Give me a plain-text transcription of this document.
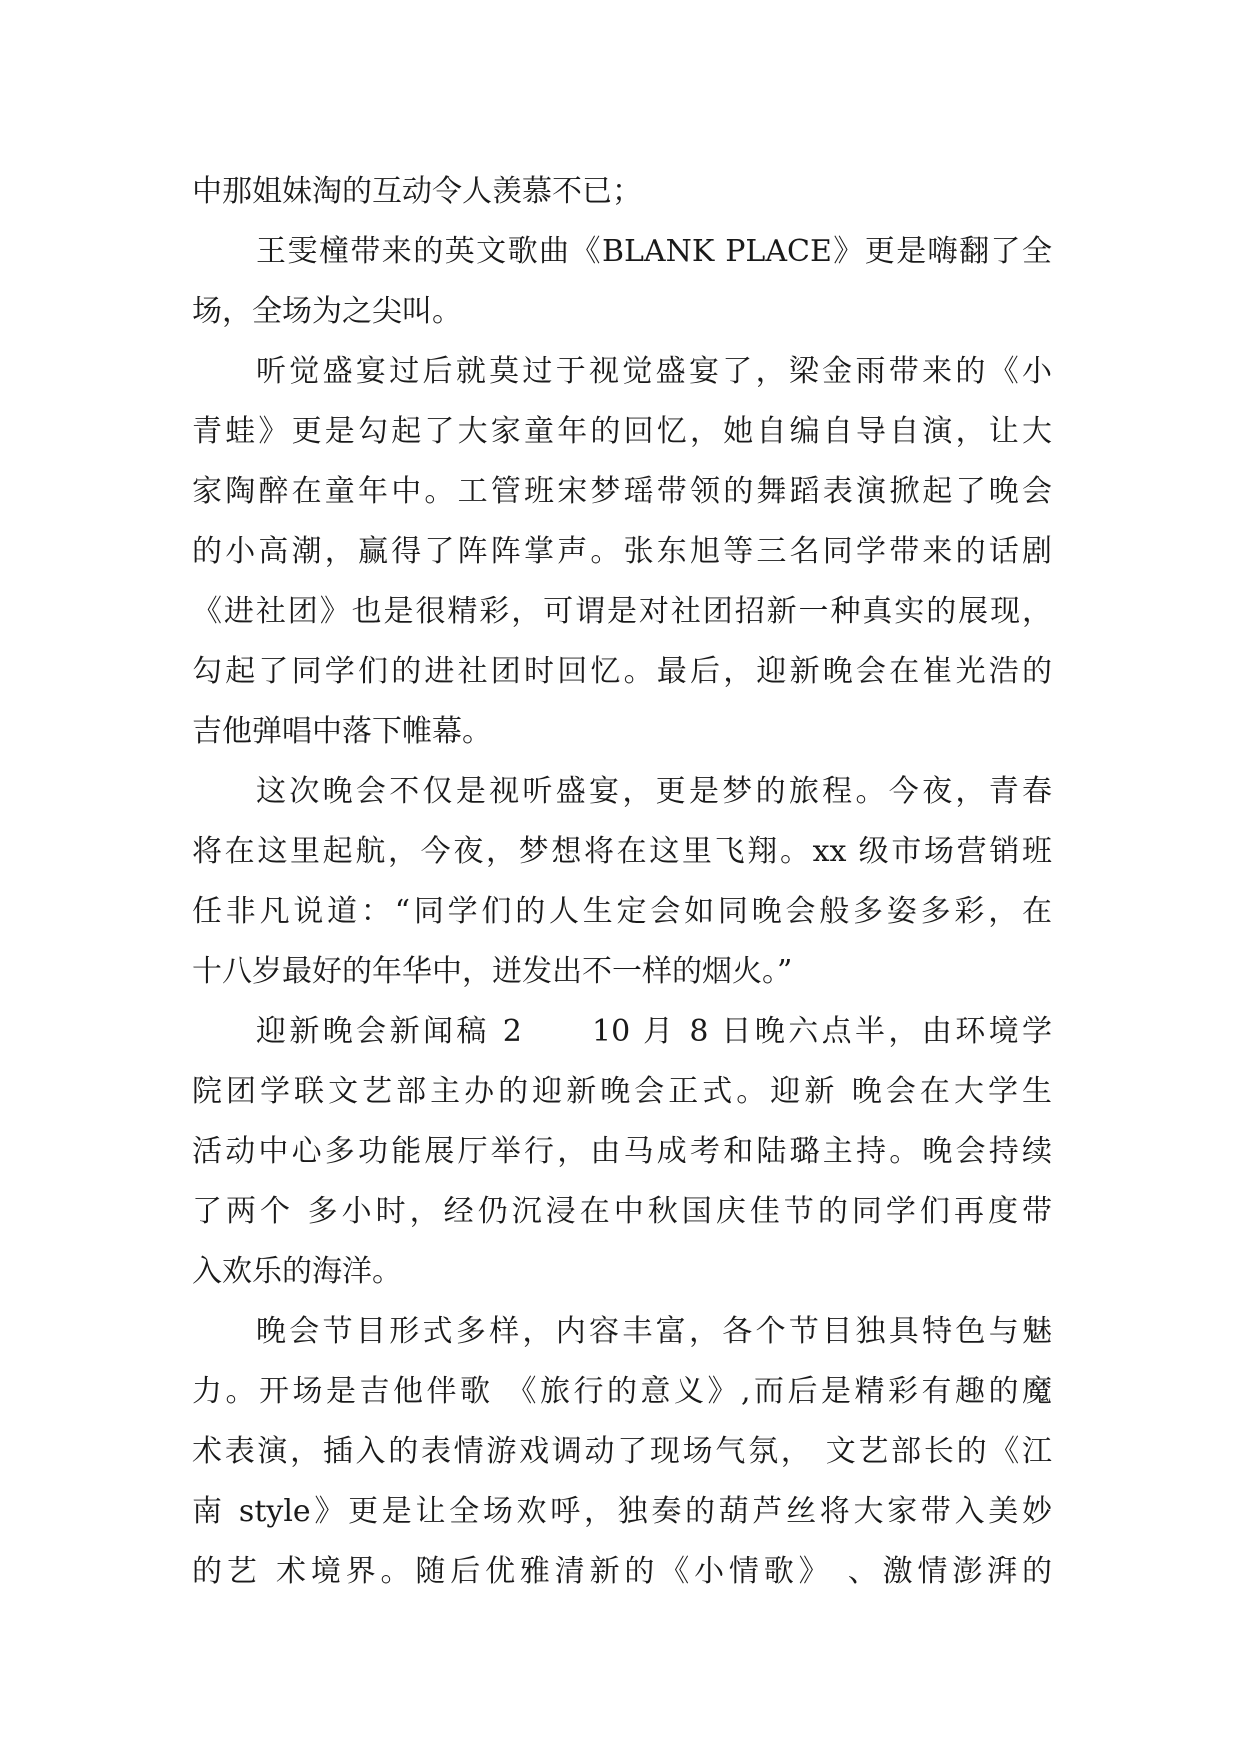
中那姐妹淘的互动令人羡慕不已；
王雯橦带来的英文歌曲《BLANK PLACE》更是嗨翻了全
场，全场为之尖叫。
听觉盛宴过后就莫过于视觉盛宴了，梁金雨带来的《小
青蛙》更是勾起了大家童年的回忆，她自编自导自演，让大
家陶醉在童年中。工管班宋梦瑶带领的舞蹈表演掀起了晚会
的小高潮，赢得了阵阵掌声。张东旭等三名同学带来的话剧
《进社团》也是很精彩，可谓是对社团招新一种真实的展现，
勾起了同学们的进社团时回忆。最后，迎新晚会在崔光浩的
吉他弹唱中落下帷幕。
这次晚会不仅是视听盛宴，更是梦的旅程。今夜，青春
将在这里起航，今夜，梦想将在这里飞翔。xx 级市场营销班
任非凡说道：“同学们的人生定会如同晚会般多姿多彩，在
十八岁最好的年华中，迸发出不一样的烟火。”
迎新晚会新闻稿 2　　10 月 8 日晚六点半，由环境学
院团学联文艺部主办的迎新晚会正式。迎新 晚会在大学生
活动中心多功能展厅举行，由马成考和陆璐主持。晚会持续
了两个 多小时，经仍沉浸在中秋国庆佳节的同学们再度带
入欢乐的海洋。
晚会节目形式多样，内容丰富，各个节目独具特色与魅
力。开场是吉他伴歌 《旅行的意义》,而后是精彩有趣的魔
术表演，插入的表情游戏调动了现场气氛， 文艺部长的《江
南 style》更是让全场欢呼，独奏的葫芦丝将大家带入美妙
的艺 术境界。随后优雅清新的《小情歌》 、激情澎湃的
